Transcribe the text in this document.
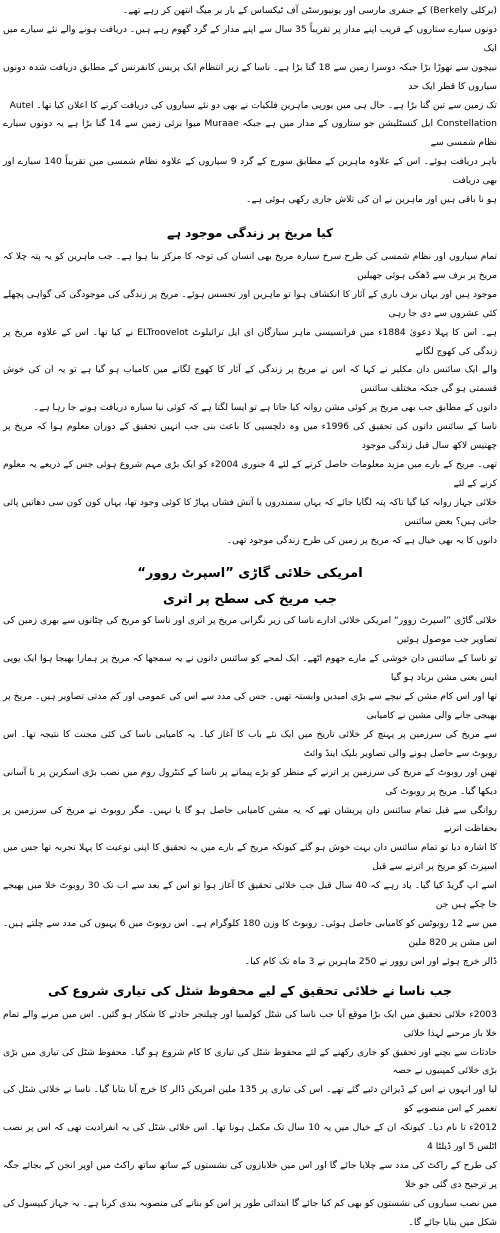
(برکلی Berkely) کے جنفری مارسی اور یونیورسٹی آف ٹیکساس کے بار بر میگ انتھن کر رہے تھے۔

دونوں سیارے ستاروں کے قریب اپنے مدار پر تقریباً 35 سال سے اپنے مدار کے گرد گھوم رہے ہیں۔ دریافت ہونے والے نئے سیارے میں ایک

نیپچون سے تھوڑا بڑا جبکہ دوسرا زمین سے 18 گنا بڑا ہے۔ ناسا کے زیر انتظام ایک پریس کانفرنس کے مطابق دریافت شدہ دونوں سیاروں کا قطر ایک حد

تک زمین سے تین گنا بڑا ہے۔ حال ہی میں یورپی ماہرین فلکیات نے بھی دو نئے سیاروں کی دریافت کرنے کا اعلان کیا تھا۔ Autel

Constellation ایل کنسٹلیشن جو ستاروں کے مدار میں ہے جبکہ Muraae میوا برئی زمین سے 14 گنا بڑا ہے یہ دونوں سیارے نظام شمسی سے

باہر دریافت ہوئے۔ اس کے علاوہ ماہرین کے مطابق سورج کے گرد 9 سیاروں کے علاوہ نظام شمسی میں تقریباً 140 سیارے اور بھی دریافت

ہو نا باقی ہیں اور ماہرین نے ان کی تلاش جاری رکھی ہوئی ہے۔

کیا مریخ پر زندگی موجود ہے

تمام سیاروں اور نظام شمسی کی طرح سرخ سیارہ مریخ بھی انسان کی توجہ کا مرکز بنا ہوا ہے۔ جب ماہرین کو یہ پتہ چلا کہ مریخ پر برف سے ڈھکی ہوئی جھیلیں

موجود ہیں اور یہاں برف باری کے آثار کا انکشاف ہوا تو ماہرین اور تجسس ہوئے۔ مریخ پر زندگی کی موجودگی کی گواہی پچھلے کئی عشروں سے دی جا رہی

ہے۔ اس کا پہلا دعویٰ 1884ء میں فرانسیسی ماہر سیارگان ای ایل ترائیلوٹ ELTroovelot نے کیا تھا۔ اس کے علاوہ مریخ پر زندگی کی کھوج لگانے

والے ایک سائنس دان مکلیر نے کہا کہ اس نے مریخ پر زندگی کے آثار کا کھوج لگانے میں کامیاب ہو گیا ہے تو یہ ان کی خوش قسمتی ہو گی جبکہ مختلف سائنس

دانوں کے مطابق جب بھی مریخ پر کوئی مشن روانہ کیا جاتا ہے تو ایسا لگتا ہے کہ کوئی نیا سیارہ دریافت ہونے جا رہا ہے۔

ناسا کے سائنس دانوں کی تحقیق کی 1996ء میں وہ دلچسپی کا باعث بنی جب انہیں تحقیق کے دوران معلوم ہوا کہ مریخ پر چھتیس لاکھ سال قبل زندگی موجود

تھی۔ مریخ کے بارے میں مزید معلومات حاصل کرنے کے لئے 4 جنوری 2004ء کو ایک بڑی مہم شروع ہوئی جس کے ذریعے یہ معلوم کرنے کے لئے

خلائی جہاز روانہ کیا گیا تاکہ پتہ لگایا جائے کہ یہاں سمندروں یا آتش فشاں پہاڑ کا کوئی وجود تھا، یہاں کون کون سی دھاتیں پائی جاتی ہیں؟ بعض سائنس

دانوں کا یہ بھی خیال ہے کہ مریخ پر زمین کی طرح زندگی موجود تھی۔

امریکی خلائی گاڑی ”اسپرٹ روور“
جب مریخ کی سطح پر اتری

خلائی گاڑی ”اسپرٹ روور“ امریکی خلائی ادارے ناسا کی زیر نگرانی مریخ پر اتری اور ناسا کو مریخ کی چٹانوں سے بھری زمین کی تصاویر جب موصول ہوئیں

تو ناسا کے سائنس دان خوشی کے مارے جھوم اٹھے۔ ایک لمحے کو سائنس دانوں نے یہ سمجھا کہ مریخ پر ہمارا بھیجا ہوا ایک یوپی ایس یعنی مشن برباد ہو گیا

تھا اور اس کام مشن کے نیچے سے بڑی امیدیں وابستہ تھیں۔ جس کی مدد سے اس کی عمومی اور کم مدتی تصاویر ہیں۔ مریخ پر بھیجی جانے والی مشین نے کامیابی

سے مریخ کی سرزمین پر پہنچ کر خلائی تاریخ میں ایک نئے باب کا آغاز کیا۔ یہ کامیابی ناسا کی کئی محنت کا نتیجہ تھا۔ اس روبوٹ سے حاصل ہونے والی تصاویر بلیک اینڈ وائٹ

تھیں اور روبوٹ کے مریخ کی سرزمین پر اترنے کے منظر کو بڑے پیمانے پر ناسا کے کنٹرول روم میں نصب بڑی اسکرین پر با آسانی دیکھا گیا۔ مریخ پر روبوٹ کی

روانگی سے قبل تمام سائنس دان پریشان تھے کہ یہ مشن کامیابی حاصل ہو گا یا نہیں۔ مگر روبوٹ نے مریخ کی سرزمین پر بحفاظت اترنے

کا اشارہ دیا تو تمام سائنس دان بہت خوش ہو گئے کیونکہ مریخ کے بارے میں یہ تحقیق کا اپنی نوعیت کا پہلا تجربہ تھا جس میں اسپرٹ کو مریخ پر اترنے سے قبل

اسے اپ گریڈ کیا گیا۔ یاد رہے کہ 40 سال قبل جب خلائی تحقیق کا آغاز ہوا تو اس کے بعد سے اب تک 30 روبوٹ خلا میں بھیجے جا چکے ہیں جن

میں سے 12 روبوٹس کو کامیابی حاصل ہوئی۔ روبوٹ کا وزن 180 کلوگرام ہے۔ اس روبوٹ میں 6 پہیوں کی مدد سے چلتے ہیں۔ اس مشن پر 820 ملین

ڈالر خرچ ہوئے اور اس روور نے 250 ماہرین نے 3 ماہ تک کام کیا۔

جب ناسا نے خلائی تحقیق کے لیے محفوظ شٹل کی تیاری شروع کی

2003ء خلائی تحقیق میں ایک بڑا موقع آیا جب ناسا کی شٹل کولمبیا اور چیلنجر حادثے کا شکار ہو گئیں۔ اس میں مرنے والے تمام خلا باز مرحبے لہذا خلائی

حادثات سے بچنے اور تحقیق کو جاری رکھنے کے لئے محفوظ شٹل کی تیاری کا کام شروع ہو گیا۔ محفوظ شٹل کی تیاری میں بڑی بڑی خلائی کمپنیوں نے حصہ

لیا اور انہوں نے اس کے ڈیزائن دئیے گئے تھے۔ اس کی تیاری پر 135 ملین امریکن ڈالر کا خرچ آنا بتایا گیا۔ ناسا نے خلائی شٹل کی تعمیر کے اس منصوبے کو

2012ء تا نام دیا۔ کیونکہ ان کے خیال میں یہ 10 سال تک مکمل ہونا تھا۔ اس خلائی شٹل کی یہ انفرادیت تھی کہ اس پر نصب اٹلس 5 اور ڈیلٹا 4

کی طرح کے راکٹ کی مدد سے چلایا جائے گا اور اس میں خلابازوں کی نشستوں کے ساتھ ساتھ راکٹ میں اوپر انجن کے بجائے جگہ پر ترجیح دی گئی جو خلا

میں نصب سیاروں کی نشستوں کو بھی کم کیا جائے گا ابتدائی طور پر اس کو بنانے کی منصوبہ بندی کرنا ہے۔ یہ جہاز کیپسول کی شکل میں بنایا جائے گا۔
